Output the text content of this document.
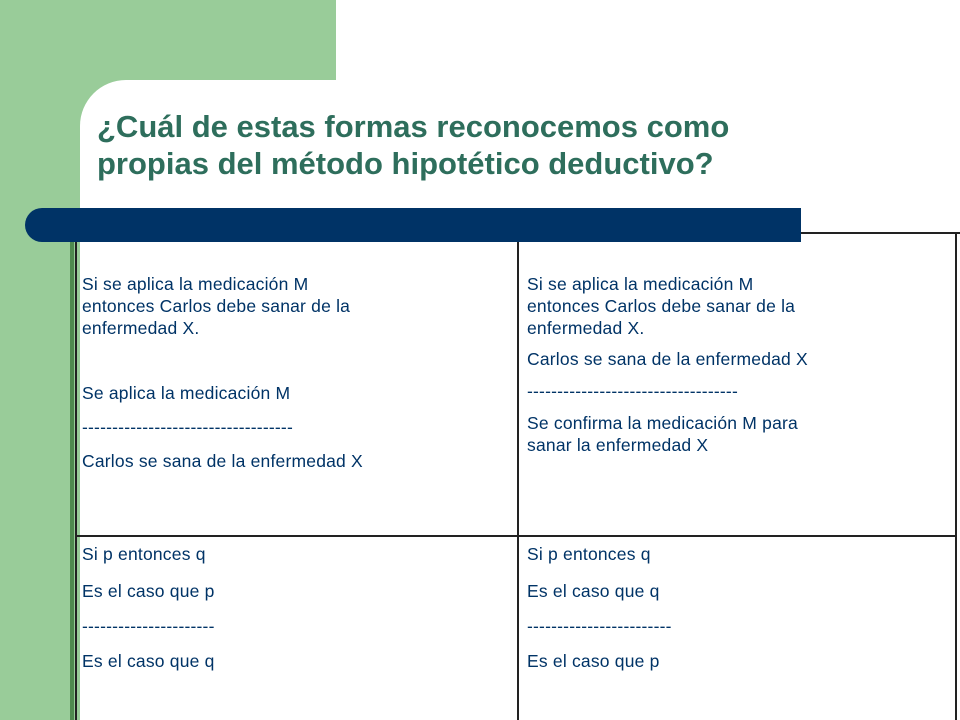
¿Cuál de estas formas reconocemos como
propias del método hipotético deductivo?

Si se aplica la medicación M

entonces Carlos debe sanar de la

enfermedad X.

Se aplica la medicación M

-----------------------------------

Carlos se sana de la enfermedad X

Si se aplica la medicación M

entonces Carlos debe sanar de la

enfermedad X.

Carlos se sana de la enfermedad X

-----------------------------------

Se confirma la medicación M para

sanar la enfermedad X

Si p entonces q

Es el caso que p

----------------------

Es el caso que q

Si p entonces q

Es el caso que q

------------------------

Es el caso que p
